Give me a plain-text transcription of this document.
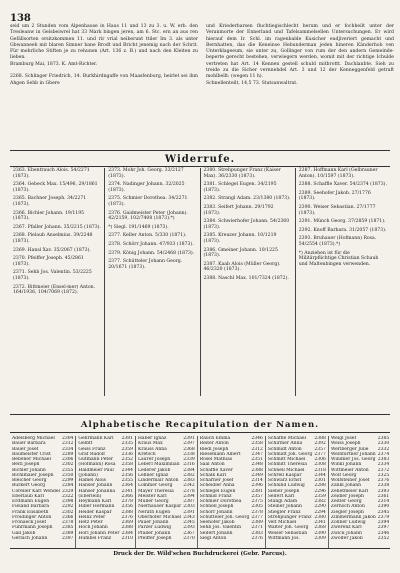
138
seid um 2 Stunden vom Alpenhause in Haus 11 und 13 zu 3. u. W. erb. den Tresleanw in Gelsbeiwrel hat 33 Mark bingen jeren, am 6. Stc. ern an aus ren Gefällsorten orsitzkommen 11. und rir vrial neiberunt ttiler Im 3. als unter Gbwanneeh mit blaren Simner bane Brodt und Bricht jenemig nach der Schrit. Für mehrliche Stiften je zu rehunen (Art. 136 z. B.) und nach den Kleiten zu lieben.
Bramburg Mai, 1873. K. Amt-Richter.

2268. Schlinger Friedrich, 14. Burkhirdngaffe von Maasfenburg, heirlet sei ihm Ahgen Sehb in Gbere
und Kriederbarsen fluchtiegischlecht herum und er fochheilt unter der Veranmorte der Ennerland und Tafelsammelsellen Untersuchungen. Er wird hierauf dem Ir. Schl. im ragenbalde Kusicher eudjiveriert gemacht und Bernhatten, das die Keneinse Hebunderman jeden hineren Känderhob ven Unterklageeum, sie unter zu, Gollinger von rum der den andern Gemeinde-beperte gerecht bestehen, verwiegern werden, womit mit der richtige Ichulde vertreten hat Art. 14 Kennen gestell schuld mitbrottt. Dachlanbte. Sieh zu treide zu die Sicher vernnehdel Art. 3 und 12 der Kenneggenfeld getraft mohlbellt: (wegen 11 h).
Schnellenteilt, 14,5 73. Statsanwaltrat.
Widerrufe.
2363. Ebentrauch Alois. 54/2271 (1873).
2364. Gebeck Max. 15/496, 29/1861 (1873).
2365. Bachner Joseph. 34/2271 (1873).
2366. Bichler Johann. 19/1195 (1873).
2367. Pfaller Johann. 35/2215 (1873).
2368. Pielaub Anselmius. 39/2248 (1873).
2369. Hansl Xav. 35/2067 (1873).
2370. Pfeiffer Joseph. 45/2861 (1873).
2371. Sehb Jos. Valentin. 53/2225 (1873).
2372. Bittmeier (Ensel-mer) Anton. 164/1936, 104/7069 (1872).
2373. Mohr Joh. Georg. 33/2127 (1873).
2374. Nadinger Johann. 32/2025 (1873).
2375. Schmier Dorothea. 34/2271 (1873).
2376. Gaidmeister Peter (Johann). 42/2159, 102/7408 (1873).*)
*) Siegl. 191/1469 (1873).
2377. Keller Anton. 5/330 (1871).
2378. Schörr Johann. 47/933 (1873).
2379. König Johann. 54/2468 (1873).
2377. Schütteler Johann Georg. 20/1671 (1873).
2380. Strehpunger Franz (Kaiser Max). 36/2330 (1873).
2381. Schlegel Eugen. 34/2195 (1873).
2382. Strangl Adam. 23/1380 (1873).
2383. Seifert Johann. 29/1792 (1873).
2384. Schwierhofer Johann. 54/2360 (1873).
2385. Kreuzer Johann. 10/1219 (1873).
2386. Gmeiner Johann. 10/1225 (1873).
2387. Kaab Alois (Müller Georg). 46/2320 (1873).
2388. Naschl Max. 101/7324 (1872).
2387. Hoffmann Karl (Gelbrauner Anton). 10/1597 (1873).
2388. Schaffle Xaver. 54/2374 (1873).
2389. Seehofer Jakob. 27/1776 (1873).
2390. Weiser Sebastian. 27/1777 (1873).
2391. Münch Georg. 37/2859 (1871).
2392. Knoff Barbara. 31/2057 (1873).
2393. Bruhauer (Hofmann) Rosa. 54/2554 (1873).*)
*) Anziehen ist für die Militärpflichtige Christian Schaub und Maltenbingen verwenden.
Alphabetische Recapitulation der Namen.
Adelsberg Michael 2304
Bauer Barbara	2312
Bauer Josef	2334
Baumeister Crist 2289
Bebener Michael 2306
Beitl Joseph	2302
Bichler Johann	2355
Bichlmaier Joseph 2350
Bleicher Georg	2299
Burkert Georg	2284
Coreller Karl Wendel 2329
Eberlaub Karl	2322
Erdmann Eugen	2398
Fieland Barbara	2292
Frank Elisabeth	2302
Froidinger Anton 2366
Fronaeck Josef	2378
Fuhrmann Joseph 2385
Gall Jakob	2389
Gerlach Johann	2397
Gehrmann Karl 2381
Gelbft	2335
Geiss Franz	2359
Graf Rudolf	2336
Gutmann Peter 2352
(Hofmann) Rosa 2358
Haldmeier Paul 2344
(Johann)	2356
Hamel Alois	2355
Hanser Johann 2364
Hanser Johanna 2341
(Eberlein)	2366
Heymann Karl 2378
Hiller Hermann 2356
Heider Kaspar 2388
Heinz Peter	2376
Hetz Peter	2369
Hoch Johann	2388
Hörl Johann Peter 2384
Humbel Franz 2310
Haber Ignaz	2391
Kraus Max	2397
Krauss Anna	2368
Kretsch	2338
Laurer Joseph	2339
Leberl Maximilian 2316
Lederer Jakob	2384
Lehner Ignaz	2382
Lindermair Anton 2383
Lommer Georg 2342
Mayer Theresia 2378
Meister Karl	2394
Müller Georg	2387
Nierhauser Kaspar 2303
Nerath Eugen	2391
Oberhofer Michael 2343
Pauer Johann	2345
Parzer Ludwig	2393
Pfaller Johann	2367
Pfeiffer Joseph	2370
Rauch Emma	2346
Reiter Anton	2358
Riedl Joseph	2312
Riesemann Albert 2347
Rosel Mathias	2351
Saal Anton	2348
Schaffle Xaver	2388
Schalk Karl	2349
Scharner Josef	2314
Scheidler Anna	2396
Schlegel Eugen	2381
Schmid Franz	2357
Schmier Dorothea 2375
Schnell Joseph	2305
Schörr Johann	2378
Schütteler Joh. Georg 2377
Seehofer Jakob	2389
Sehb Jos. Valentin 2371
Seifert Johann	2383
Siegl Anton	2376
Schaffle Michael 2388
Schirmer Anna	2392
Schmidt Anton	2357
Schmidt Joh. Georg 2377
Schmitt Michael 2306
Schmitt Theresia 2308
Schnell Michael 2318
Schrell Kaspar	2344
Schwarz Ernst	2301
Schlund Ludwig 2288
Sieber Joseph	2296
Seifert Karl	2359
Stangl Adam	2382
Steiner Johann	2290
Stiegler Franz	2294
Strehpunger Franz 2380
Velt Michael	2341
Walter Joh. Georg 2368
Weiser Sebastian 2390
Wittmann Jos.	2309
Weigl Josef	2385
Weiss Joseph	2330
Werlberger Julie 2332
Weinfurtner Johann 2374
Windner Jos. Georg 2383
Winkl Johann	2334
Wittmeier Anton 2372
Wolf Georg	2325
Wolfsteiner Josef 2376
Zankl Johann	2338
Zehetmeier Karl 2393
Zeidler Joseph	2361
Zeitler Georg	2314
Zerhoch Anton	2390
Ziegler Joseph	2345
Zimmermann Jakob 2379
Zollner Ludwig	2394
Zwerenz Karl	2397
Zwick Johann	2346
Zwölfer Jakob	2352
Druck der Dr. Wild'schen Buchdruckerei (Gebr. Parcus).
